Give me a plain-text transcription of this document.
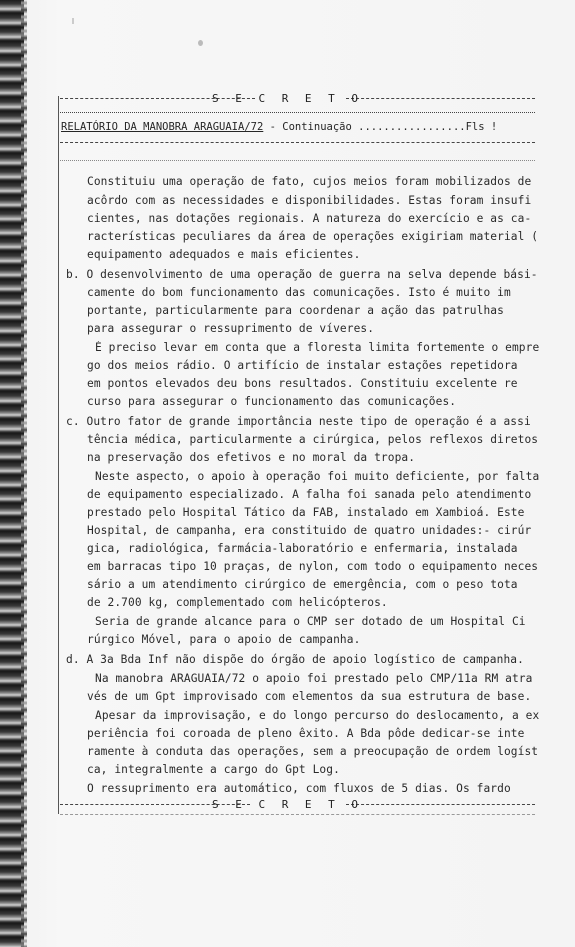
S E C R E T O
RELATÓRIO DA MANOBRA ARAGUAIA/72 - Continuação .................Fls !
Constituiu uma operação de fato, cujos meios foram mobilizados de
acôrdo com as necessidades e disponibilidades. Estas foram insufi
cientes, nas dotações regionais. A natureza do exercício e as ca-
racterísticas peculiares da área de operações exigiriam material (
equipamento adequados e mais eficientes.
b. O desenvolvimento de uma operação de guerra na selva depende bási-
camente do bom funcionamento das comunicações. Isto é muito im
portante, particularmente para coordenar a ação das patrulhas
para assegurar o ressuprimento de víveres.
É preciso levar em conta que a floresta limita fortemente o empre
go dos meios rádio. O artifício de instalar estações repetidora
em pontos elevados deu bons resultados. Constituiu excelente re
curso para assegurar o funcionamento das comunicações.
c. Outro fator de grande importância neste tipo de operação é a assi
tência médica, particularmente a cirúrgica, pelos reflexos diretos
na preservação dos efetivos e no moral da tropa.
Neste aspecto, o apoio à operação foi muito deficiente, por falta
de equipamento especializado. A falha foi sanada pelo atendimento
prestado pelo Hospital Tático da FAB, instalado em Xambioá. Este
Hospital, de campanha, era constituido de quatro unidades:- cirúr
gica, radiológica, farmácia-laboratório e enfermaria, instalada
em barracas tipo 10 praças, de nylon, com todo o equipamento neces
sário a um atendimento cirúrgico de emergência, com o peso tota
de 2.700 kg, complementado com helicópteros.
Seria de grande alcance para o CMP ser dotado de um Hospital Ci
rúrgico Móvel, para o apoio de campanha.
d. A 3a Bda Inf não dispõe do órgão de apoio logístico de campanha.
Na manobra ARAGUAIA/72 o apoio foi prestado pelo CMP/11a RM atra
vés de um Gpt improvisado com elementos da sua estrutura de base.
Apesar da improvisação, e do longo percurso do deslocamento, a ex
periência foi coroada de pleno êxito. A Bda pôde dedicar-se inte
ramente à conduta das operações, sem a preocupação de ordem logíst
ca, integralmente a cargo do Gpt Log.
O ressuprimento era automático, com fluxos de 5 dias. Os fardo
S E C R E T O
